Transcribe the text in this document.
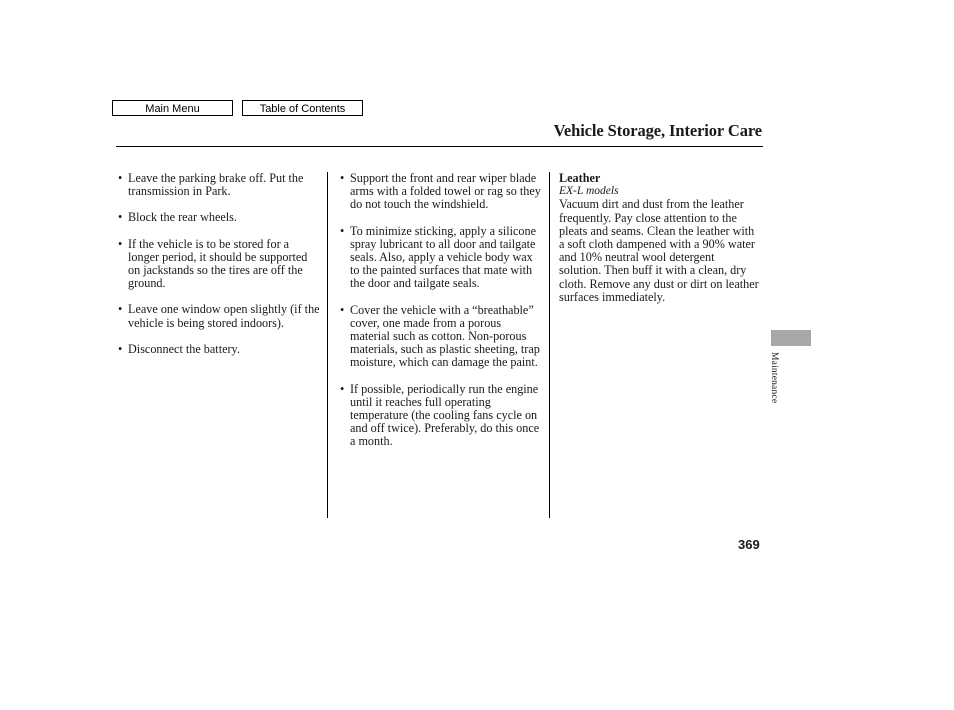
Main Menu	Table of Contents
Vehicle Storage, Interior Care
• Leave the parking brake off. Put the transmission in Park.
• Block the rear wheels.
• If the vehicle is to be stored for a longer period, it should be supported on jackstands so the tires are off the ground.
• Leave one window open slightly (if the vehicle is being stored indoors).
• Disconnect the battery.
• Support the front and rear wiper blade arms with a folded towel or rag so they do not touch the windshield.
• To minimize sticking, apply a silicone spray lubricant to all door and tailgate seals. Also, apply a vehicle body wax to the painted surfaces that mate with the door and tailgate seals.
• Cover the vehicle with a “breathable” cover, one made from a porous material such as cotton. Non-porous materials, such as plastic sheeting, trap moisture, which can damage the paint.
• If possible, periodically run the engine until it reaches full operating temperature (the cooling fans cycle on and off twice). Preferably, do this once a month.
Leather
EX-L models
Vacuum dirt and dust from the leather frequently. Pay close attention to the pleats and seams. Clean the leather with a soft cloth dampened with a 90% water and 10% neutral wool detergent solution. Then buff it with a clean, dry cloth. Remove any dust or dirt on leather surfaces immediately.
Maintenance
369
